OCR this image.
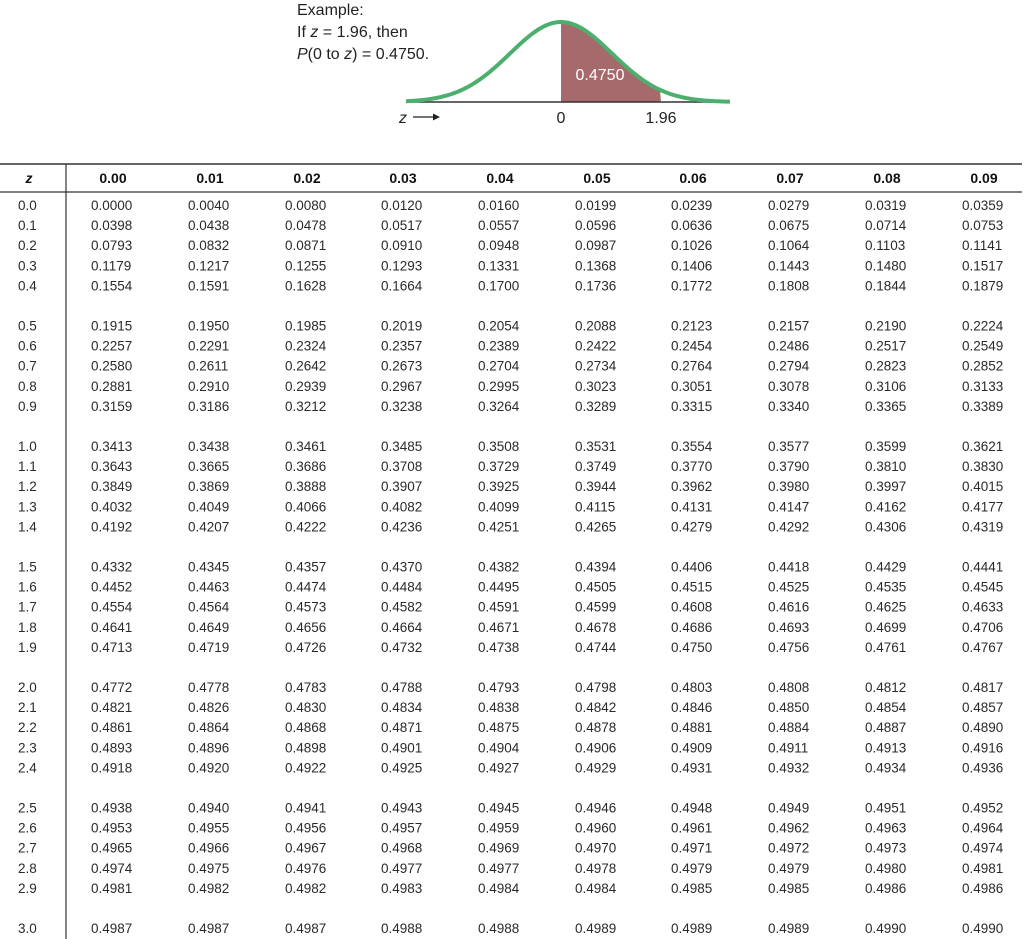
Example:
If z = 1.96, then
P(0 to z) = 0.4750.
0.4750
z	0	1.96
z	0.00	0.01	0.02	0.03	0.04	0.05	0.06	0.07	0.08	0.09
0.0	0.0000	0.0040	0.0080	0.0120	0.0160	0.0199	0.0239	0.0279	0.0319	0.0359
0.1	0.0398	0.0438	0.0478	0.0517	0.0557	0.0596	0.0636	0.0675	0.0714	0.0753
0.2	0.0793	0.0832	0.0871	0.0910	0.0948	0.0987	0.1026	0.1064	0.1103	0.1141
0.3	0.1179	0.1217	0.1255	0.1293	0.1331	0.1368	0.1406	0.1443	0.1480	0.1517
0.4	0.1554	0.1591	0.1628	0.1664	0.1700	0.1736	0.1772	0.1808	0.1844	0.1879
0.5	0.1915	0.1950	0.1985	0.2019	0.2054	0.2088	0.2123	0.2157	0.2190	0.2224
0.6	0.2257	0.2291	0.2324	0.2357	0.2389	0.2422	0.2454	0.2486	0.2517	0.2549
0.7	0.2580	0.2611	0.2642	0.2673	0.2704	0.2734	0.2764	0.2794	0.2823	0.2852
0.8	0.2881	0.2910	0.2939	0.2967	0.2995	0.3023	0.3051	0.3078	0.3106	0.3133
0.9	0.3159	0.3186	0.3212	0.3238	0.3264	0.3289	0.3315	0.3340	0.3365	0.3389
1.0	0.3413	0.3438	0.3461	0.3485	0.3508	0.3531	0.3554	0.3577	0.3599	0.3621
1.1	0.3643	0.3665	0.3686	0.3708	0.3729	0.3749	0.3770	0.3790	0.3810	0.3830
1.2	0.3849	0.3869	0.3888	0.3907	0.3925	0.3944	0.3962	0.3980	0.3997	0.4015
1.3	0.4032	0.4049	0.4066	0.4082	0.4099	0.4115	0.4131	0.4147	0.4162	0.4177
1.4	0.4192	0.4207	0.4222	0.4236	0.4251	0.4265	0.4279	0.4292	0.4306	0.4319
1.5	0.4332	0.4345	0.4357	0.4370	0.4382	0.4394	0.4406	0.4418	0.4429	0.4441
1.6	0.4452	0.4463	0.4474	0.4484	0.4495	0.4505	0.4515	0.4525	0.4535	0.4545
1.7	0.4554	0.4564	0.4573	0.4582	0.4591	0.4599	0.4608	0.4616	0.4625	0.4633
1.8	0.4641	0.4649	0.4656	0.4664	0.4671	0.4678	0.4686	0.4693	0.4699	0.4706
1.9	0.4713	0.4719	0.4726	0.4732	0.4738	0.4744	0.4750	0.4756	0.4761	0.4767
2.0	0.4772	0.4778	0.4783	0.4788	0.4793	0.4798	0.4803	0.4808	0.4812	0.4817
2.1	0.4821	0.4826	0.4830	0.4834	0.4838	0.4842	0.4846	0.4850	0.4854	0.4857
2.2	0.4861	0.4864	0.4868	0.4871	0.4875	0.4878	0.4881	0.4884	0.4887	0.4890
2.3	0.4893	0.4896	0.4898	0.4901	0.4904	0.4906	0.4909	0.4911	0.4913	0.4916
2.4	0.4918	0.4920	0.4922	0.4925	0.4927	0.4929	0.4931	0.4932	0.4934	0.4936
2.5	0.4938	0.4940	0.4941	0.4943	0.4945	0.4946	0.4948	0.4949	0.4951	0.4952
2.6	0.4953	0.4955	0.4956	0.4957	0.4959	0.4960	0.4961	0.4962	0.4963	0.4964
2.7	0.4965	0.4966	0.4967	0.4968	0.4969	0.4970	0.4971	0.4972	0.4973	0.4974
2.8	0.4974	0.4975	0.4976	0.4977	0.4977	0.4978	0.4979	0.4979	0.4980	0.4981
2.9	0.4981	0.4982	0.4982	0.4983	0.4984	0.4984	0.4985	0.4985	0.4986	0.4986
3.0	0.4987	0.4987	0.4987	0.4988	0.4988	0.4989	0.4989	0.4989	0.4990	0.4990
